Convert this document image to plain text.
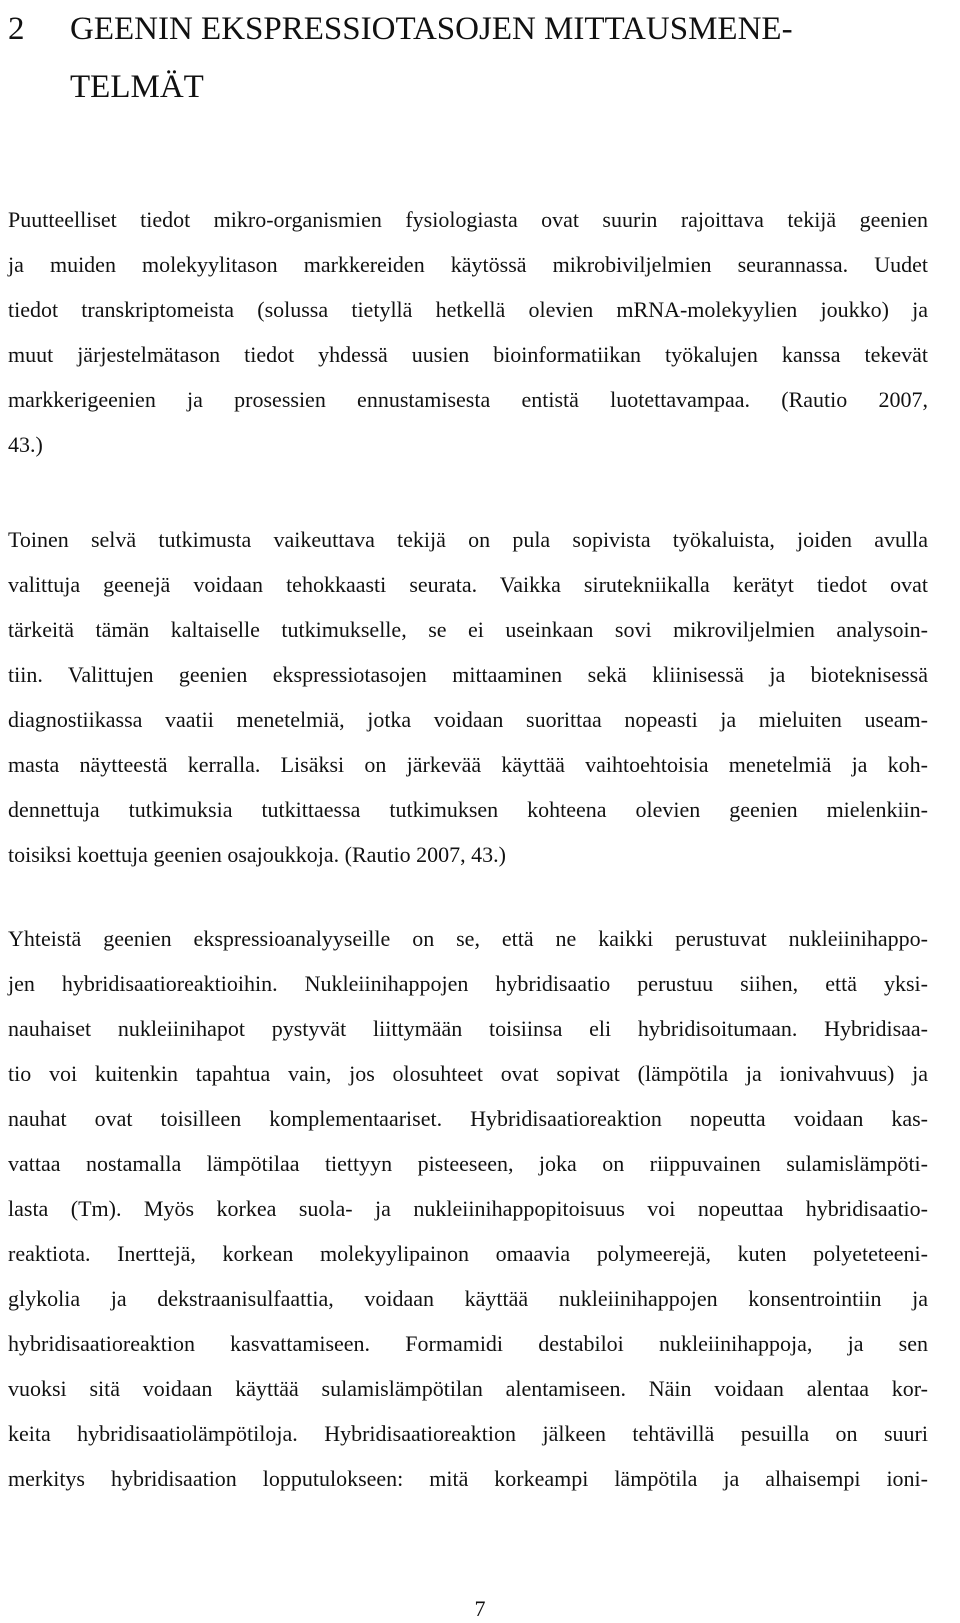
2 GEENIN EKSPRESSIOTASOJEN MITTAUSMENE-
TELMÄT
Puutteelliset tiedot mikro-organismien fysiologiasta ovat suurin rajoittava tekijä geenien
ja muiden molekyylitason markkereiden käytössä mikrobiviljelmien seurannassa. Uudet
tiedot transkriptomeista (solussa tietyllä hetkellä olevien mRNA-molekyylien joukko) ja
muut järjestelmätason tiedot yhdessä uusien bioinformatiikan työkalujen kanssa tekevät
markkerigeenien ja prosessien ennustamisesta entistä luotettavampaa. (Rautio 2007,
43.)
Toinen selvä tutkimusta vaikeuttava tekijä on pula sopivista työkaluista, joiden avulla
valittuja geenejä voidaan tehokkaasti seurata. Vaikka sirutekniikalla kerätyt tiedot ovat
tärkeitä tämän kaltaiselle tutkimukselle, se ei useinkaan sovi mikroviljelmien analysoin-
tiin. Valittujen geenien ekspressiotasojen mittaaminen sekä kliinisessä ja bioteknisessä
diagnostiikassa vaatii menetelmiä, jotka voidaan suorittaa nopeasti ja mieluiten useam-
masta näytteestä kerralla. Lisäksi on järkevää käyttää vaihtoehtoisia menetelmiä ja koh-
dennettuja tutkimuksia tutkittaessa tutkimuksen kohteena olevien geenien mielenkiin-
toisiksi koettuja geenien osajoukkoja. (Rautio 2007, 43.)
Yhteistä geenien ekspressioanalyyseille on se, että ne kaikki perustuvat nukleiinihappo-
jen hybridisaatioreaktioihin. Nukleiinihappojen hybridisaatio perustuu siihen, että yksi-
nauhaiset nukleiinihapot pystyvät liittymään toisiinsa eli hybridisoitumaan. Hybridisaa-
tio voi kuitenkin tapahtua vain, jos olosuhteet ovat sopivat (lämpötila ja ionivahvuus) ja
nauhat ovat toisilleen komplementaariset. Hybridisaatioreaktion nopeutta voidaan kas-
vattaa nostamalla lämpötilaa tiettyyn pisteeseen, joka on riippuvainen sulamislämpöti-
lasta (Tm). Myös korkea suola- ja nukleiinihappopitoisuus voi nopeuttaa hybridisaatio-
reaktiota. Inerttejä, korkean molekyylipainon omaavia polymeerejä, kuten polyeteteeni-
glykolia ja dekstraanisulfaattia, voidaan käyttää nukleiinihappojen konsentrointiin ja
hybridisaatioreaktion kasvattamiseen. Formamidi destabiloi nukleiinihappoja, ja sen
vuoksi sitä voidaan käyttää sulamislämpötilan alentamiseen. Näin voidaan alentaa kor-
keita hybridisaatiolämpötiloja. Hybridisaatioreaktion jälkeen tehtävillä pesuilla on suuri
merkitys hybridisaation lopputulokseen: mitä korkeampi lämpötila ja alhaisempi ioni-
7
